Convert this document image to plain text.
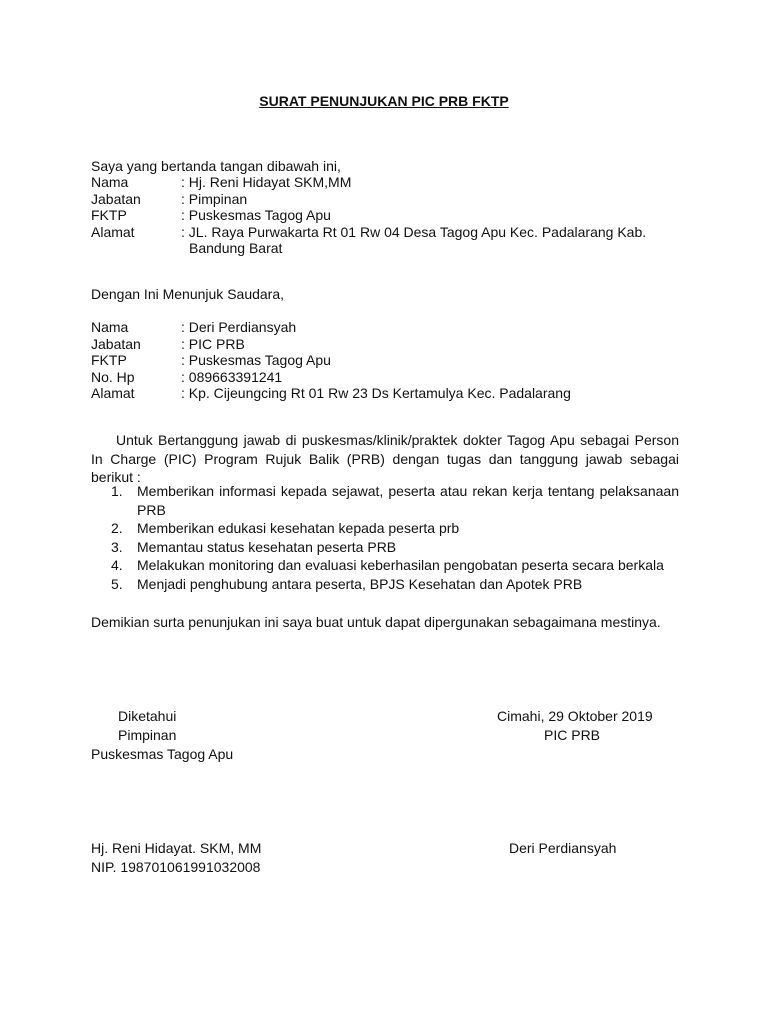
SURAT PENUNJUKAN PIC PRB FKTP
Saya yang bertanda tangan dibawah ini,
Nama	: Hj. Reni Hidayat SKM,MM
Jabatan	: Pimpinan
FKTP	: Puskesmas Tagog Apu
Alamat	: JL. Raya Purwakarta Rt 01 Rw 04 Desa Tagog Apu Kec. Padalarang Kab.
Bandung Barat
Dengan Ini Menunjuk Saudara,
Nama	: Deri Perdiansyah
Jabatan	: PIC PRB
FKTP	: Puskesmas Tagog Apu
No. Hp	: 089663391241
Alamat	: Kp. Cijeungcing Rt 01 Rw 23 Ds Kertamulya Kec. Padalarang
Untuk Bertanggung jawab di puskesmas/klinik/praktek dokter Tagog Apu sebagai Person In Charge (PIC) Program Rujuk Balik (PRB) dengan tugas dan tanggung jawab sebagai berikut :
1.	Memberikan informasi kepada sejawat, peserta atau rekan kerja tentang pelaksanaan PRB
2.	Memberikan edukasi kesehatan kepada peserta prb
3.	Memantau status kesehatan peserta PRB
4.	Melakukan monitoring dan evaluasi keberhasilan pengobatan peserta secara berkala
5.	Menjadi penghubung antara peserta, BPJS Kesehatan dan Apotek PRB
Demikian surta penunjukan ini saya buat untuk dapat dipergunakan sebagaimana mestinya.
Diketahui
Pimpinan
Puskesmas Tagog Apu
Hj. Reni Hidayat. SKM, MM
NIP. 198701061991032008
Cimahi, 29 Oktober 2019
PIC PRB
Deri Perdiansyah
